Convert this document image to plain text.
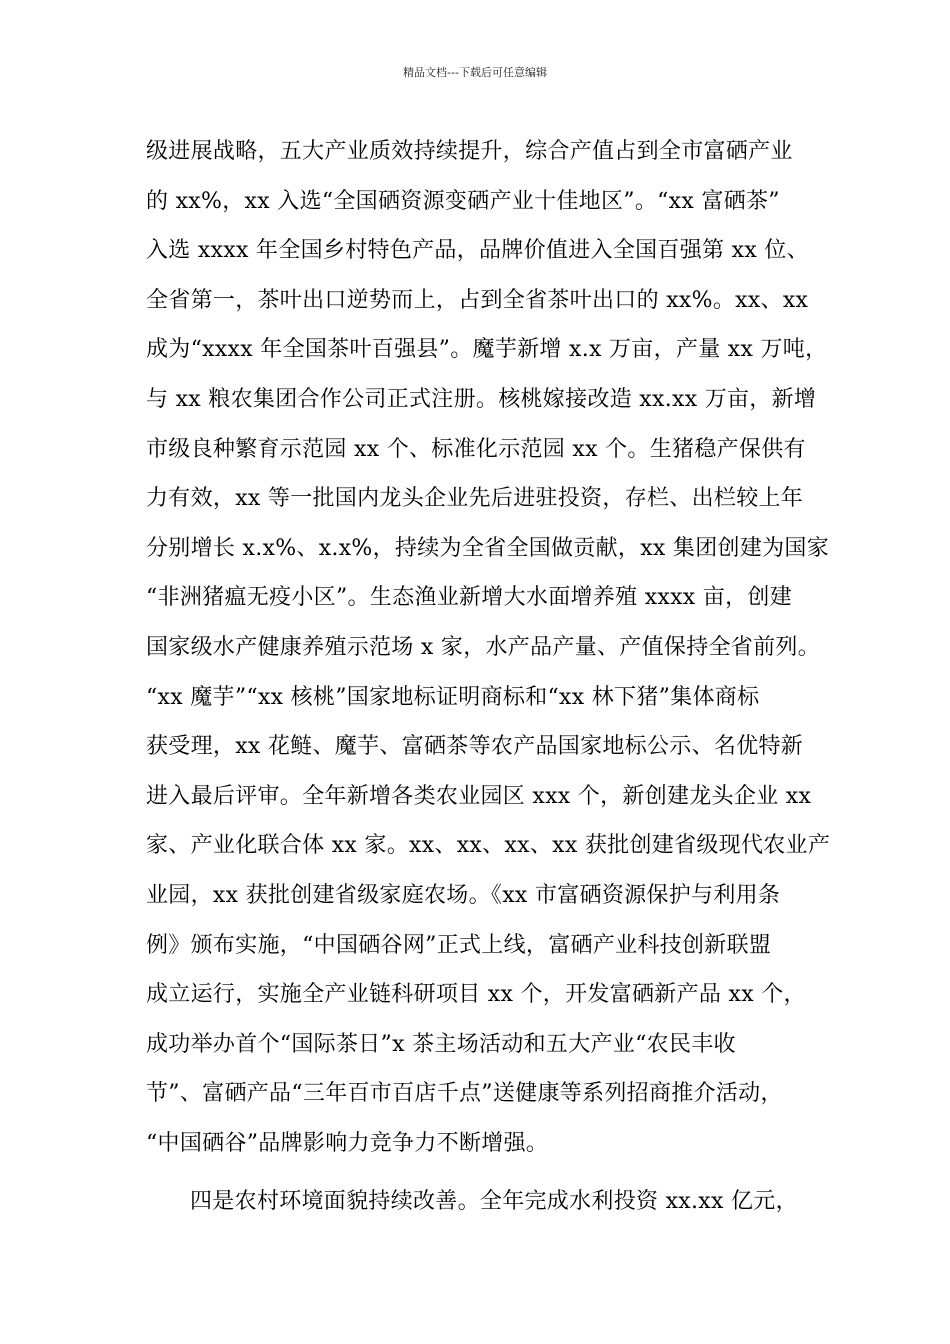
精品文档---下载后可任意编辑
级进展战略，五大产业质效持续提升，综合产值占到全市富硒产业
的 xx%，xx 入选“全国硒资源变硒产业十佳地区”。“xx 富硒茶”
入选 xxxx 年全国乡村特色产品，品牌价值进入全国百强第 xx 位、
全省第一，茶叶出口逆势而上，占到全省茶叶出口的 xx%。xx、xx
成为“xxxx 年全国茶叶百强县”。魔芋新增 x.x 万亩，产量 xx 万吨，
与 xx 粮农集团合作公司正式注册。核桃嫁接改造 xx.xx 万亩，新增
市级良种繁育示范园 xx 个、标准化示范园 xx 个。生猪稳产保供有
力有效，xx 等一批国内龙头企业先后进驻投资，存栏、出栏较上年
分别增长 x.x%、x.x%，持续为全省全国做贡献，xx 集团创建为国家
“非洲猪瘟无疫小区”。生态渔业新增大水面增养殖 xxxx 亩，创建
国家级水产健康养殖示范场 x 家，水产品产量、产值保持全省前列。
“xx 魔芋”“xx 核桃”国家地标证明商标和“xx 林下猪”集体商标
获受理，xx 花鲢、魔芋、富硒茶等农产品国家地标公示、名优特新
进入最后评审。全年新增各类农业园区 xxx 个，新创建龙头企业 xx
家、产业化联合体 xx 家。xx、xx、xx、xx 获批创建省级现代农业产
业园，xx 获批创建省级家庭农场。《xx 市富硒资源保护与利用条
例》颁布实施，“中国硒谷网”正式上线，富硒产业科技创新联盟
成立运行，实施全产业链科研项目 xx 个，开发富硒新产品 xx 个，
成功举办首个“国际茶日”x 茶主场活动和五大产业“农民丰收
节”、富硒产品“三年百市百店千点”送健康等系列招商推介活动，
“中国硒谷”品牌影响力竞争力不断增强。
四是农村环境面貌持续改善。全年完成水利投资 xx.xx 亿元，
